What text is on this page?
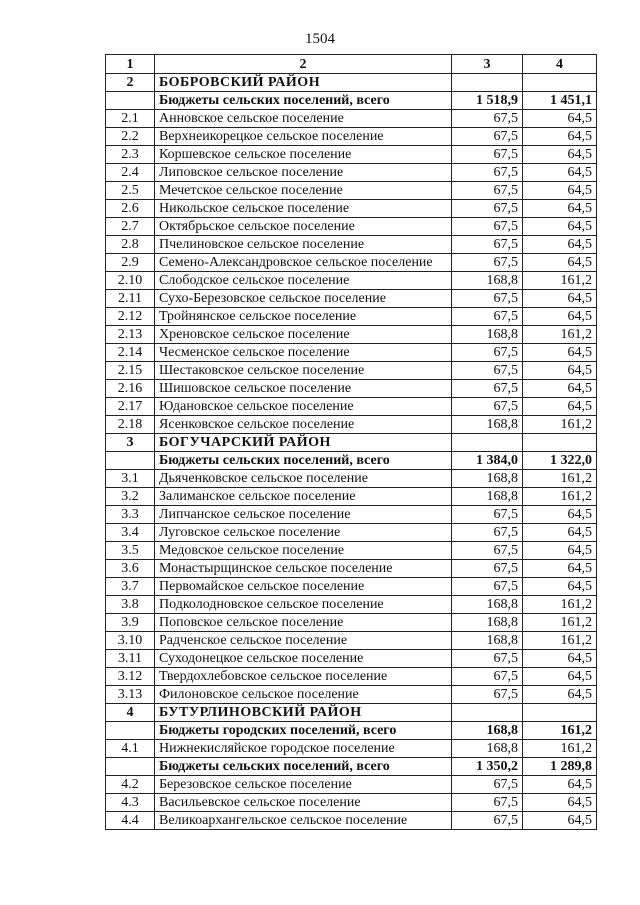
1504
1	2	3	4
2	БОБРОВСКИЙ РАЙОН		
	Бюджеты сельских поселений, всего	1 518,9	1 451,1
2.1	Анновское сельское поселение	67,5	64,5
2.2	Верхнеикорецкое сельское поселение	67,5	64,5
2.3	Коршевское сельское поселение	67,5	64,5
2.4	Липовское сельское поселение	67,5	64,5
2.5	Мечетское сельское поселение	67,5	64,5
2.6	Никольское сельское поселение	67,5	64,5
2.7	Октябрьское сельское поселение	67,5	64,5
2.8	Пчелиновское сельское поселение	67,5	64,5
2.9	Семено-Александровское сельское поселение	67,5	64,5
2.10	Слободское сельское поселение	168,8	161,2
2.11	Сухо-Березовское сельское поселение	67,5	64,5
2.12	Тройнянское сельское поселение	67,5	64,5
2.13	Хреновское сельское поселение	168,8	161,2
2.14	Чесменское сельское поселение	67,5	64,5
2.15	Шестаковское сельское поселение	67,5	64,5
2.16	Шишовское сельское поселение	67,5	64,5
2.17	Юдановское сельское поселение	67,5	64,5
2.18	Ясенковское сельское поселение	168,8	161,2
3	БОГУЧАРСКИЙ РАЙОН		
	Бюджеты сельских поселений, всего	1 384,0	1 322,0
3.1	Дьяченковское сельское поселение	168,8	161,2
3.2	Залиманское сельское поселение	168,8	161,2
3.3	Липчанское сельское поселение	67,5	64,5
3.4	Луговское сельское поселение	67,5	64,5
3.5	Медовское сельское поселение	67,5	64,5
3.6	Монастырщинское сельское поселение	67,5	64,5
3.7	Первомайское сельское поселение	67,5	64,5
3.8	Подколодновское сельское поселение	168,8	161,2
3.9	Поповское сельское поселение	168,8	161,2
3.10	Радченское сельское поселение	168,8	161,2
3.11	Суходонецкое сельское поселение	67,5	64,5
3.12	Твердохлебовское сельское поселение	67,5	64,5
3.13	Филоновское сельское поселение	67,5	64,5
4	БУТУРЛИНОВСКИЙ РАЙОН		
	Бюджеты городских поселений, всего	168,8	161,2
4.1	Нижнекисляйское городское поселение	168,8	161,2
	Бюджеты сельских поселений, всего	1 350,2	1 289,8
4.2	Березовское сельское поселение	67,5	64,5
4.3	Васильевское сельское поселение	67,5	64,5
4.4	Великоархангельское сельское поселение	67,5	64,5
